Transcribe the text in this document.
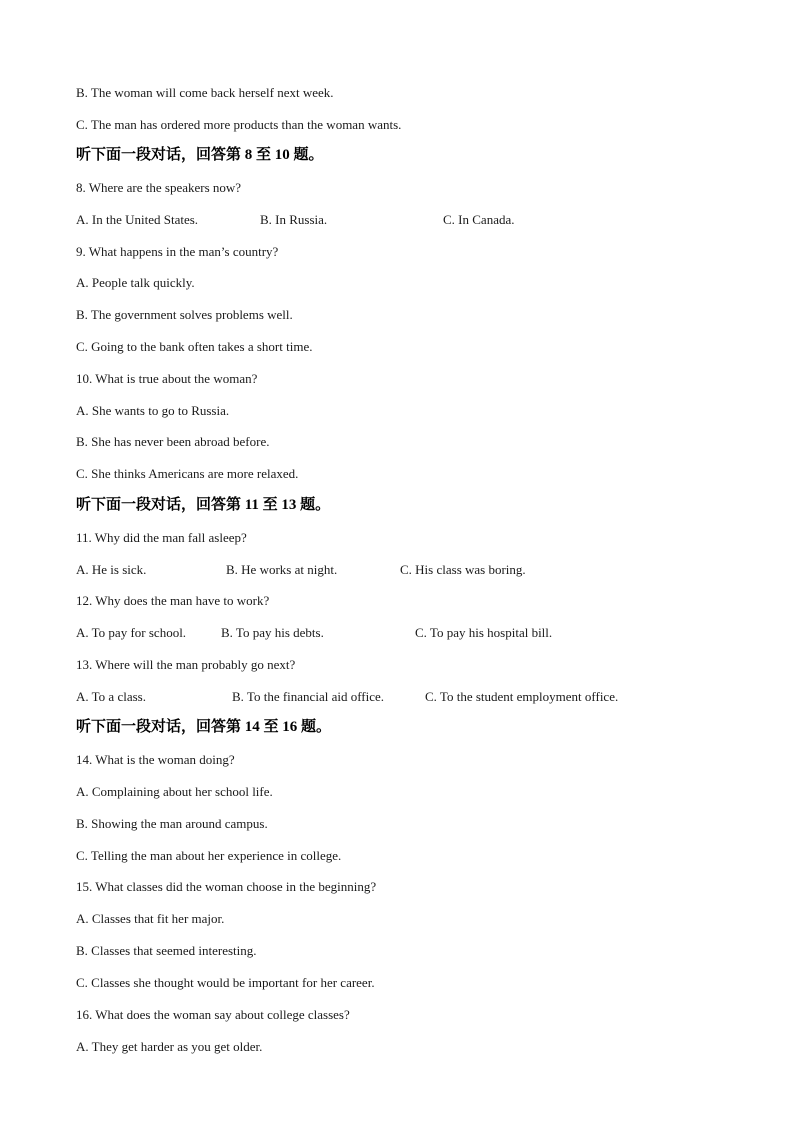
B. The woman will come back herself next week.
C. The man has ordered more products than the woman wants.
听下面一段对话，回答第 8 至 10 题。
8. Where are the speakers now?
A. In the United States.	B. In Russia.	C. In Canada.
9. What happens in the man’s country?
A. People talk quickly.
B. The government solves problems well.
C. Going to the bank often takes a short time.
10. What is true about the woman?
A. She wants to go to Russia.
B. She has never been abroad before.
C. She thinks Americans are more relaxed.
听下面一段对话，回答第 11 至 13 题。
11. Why did the man fall asleep?
A. He is sick.	B. He works at night.	C. His class was boring.
12. Why does the man have to work?
A. To pay for school.	B. To pay his debts.	C. To pay his hospital bill.
13. Where will the man probably go next?
A. To a class.	B. To the financial aid office.	C. To the student employment office.
听下面一段对话，回答第 14 至 16 题。
14. What is the woman doing?
A. Complaining about her school life.
B. Showing the man around campus.
C. Telling the man about her experience in college.
15. What classes did the woman choose in the beginning?
A. Classes that fit her major.
B. Classes that seemed interesting.
C. Classes she thought would be important for her career.
16. What does the woman say about college classes?
A. They get harder as you get older.
